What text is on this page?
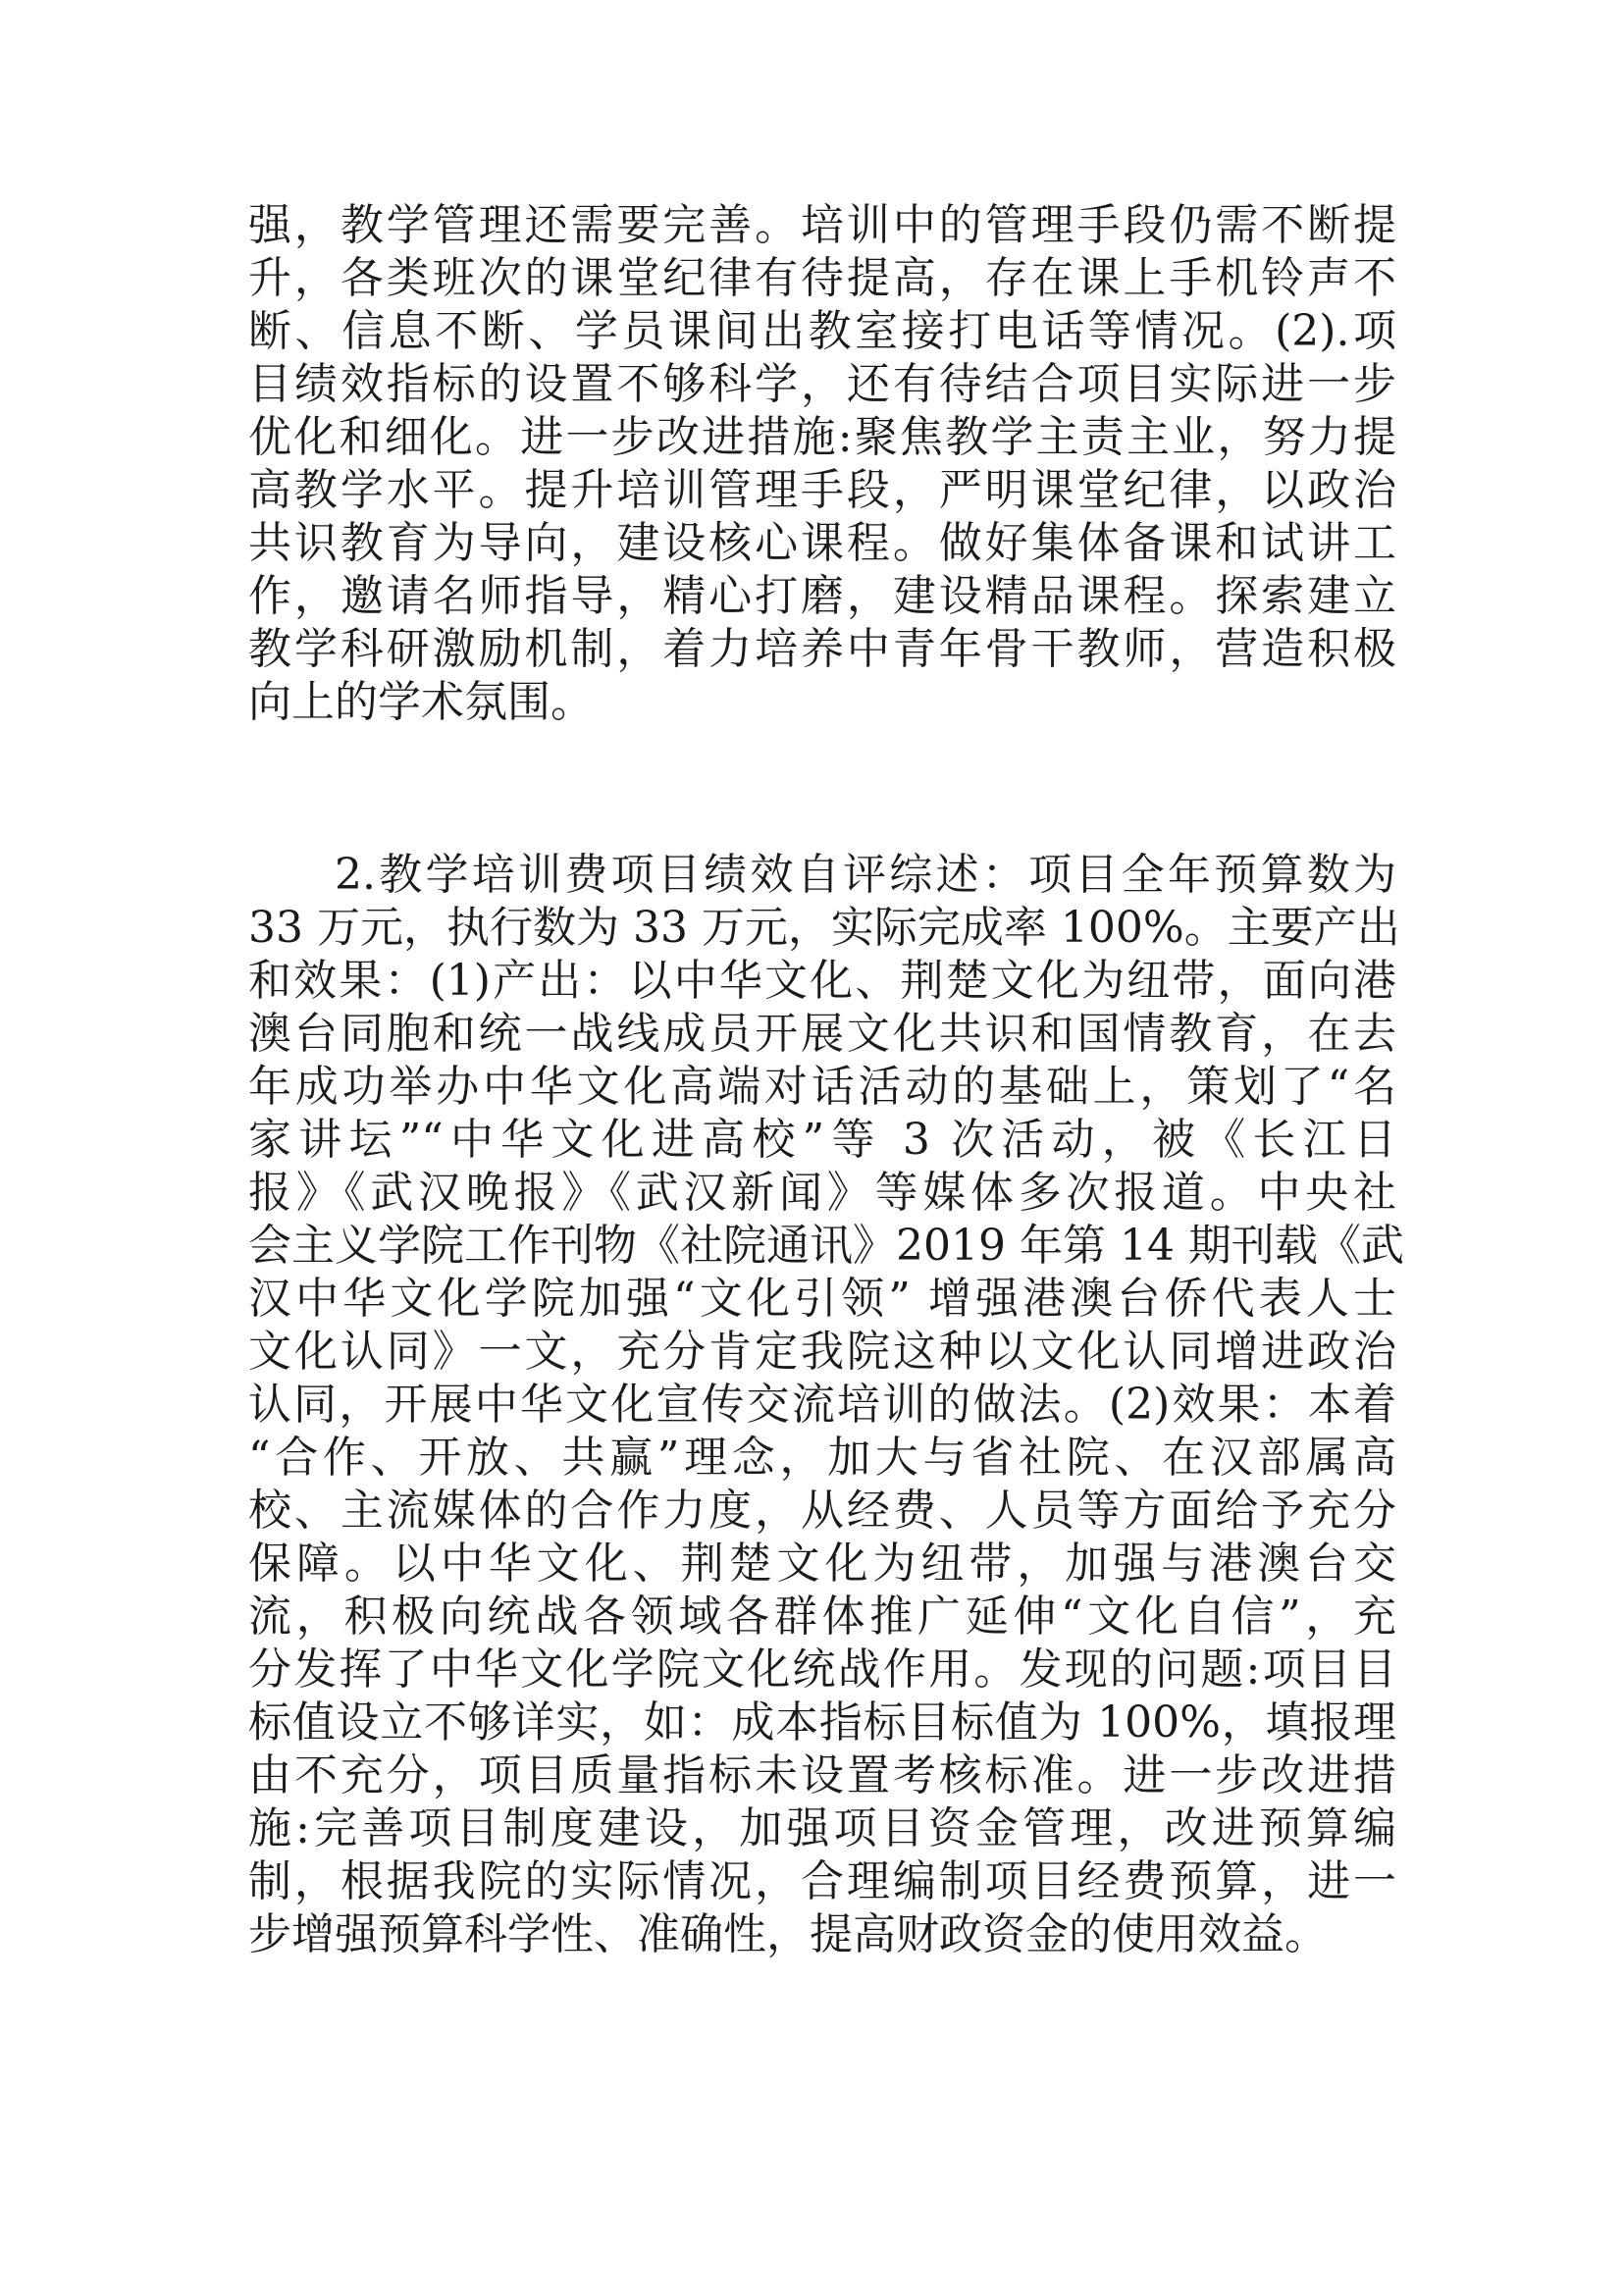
强，教学管理还需要完善。培训中的管理手段仍需不断提
升，各类班次的课堂纪律有待提高，存在课上手机铃声不
断、信息不断、学员课间出教室接打电话等情况。(2).项
目绩效指标的设置不够科学，还有待结合项目实际进一步
优化和细化。进一步改进措施:聚焦教学主责主业，努力提
高教学水平。提升培训管理手段，严明课堂纪律，以政治
共识教育为导向，建设核心课程。做好集体备课和试讲工
作，邀请名师指导，精心打磨，建设精品课程。探索建立
教学科研激励机制，着力培养中青年骨干教师，营造积极
向上的学术氛围。
2.教学培训费项目绩效自评综述：项目全年预算数为
33 万元，执行数为 33 万元，实际完成率 100%。主要产出
和效果：(1)产出：以中华文化、荆楚文化为纽带，面向港
澳台同胞和统一战线成员开展文化共识和国情教育，在去
年成功举办中华文化高端对话活动的基础上，策划了“名
家讲坛”“中华文化进高校”等 3 次活动，被《长江日
报》《武汉晚报》《武汉新闻》等媒体多次报道。中央社
会主义学院工作刊物《社院通讯》2019 年第 14 期刊载《武
汉中华文化学院加强“文化引领” 增强港澳台侨代表人士
文化认同》一文，充分肯定我院这种以文化认同增进政治
认同，开展中华文化宣传交流培训的做法。(2)效果：本着
“合作、开放、共赢”理念，加大与省社院、在汉部属高
校、主流媒体的合作力度，从经费、人员等方面给予充分
保障。以中华文化、荆楚文化为纽带，加强与港澳台交
流，积极向统战各领域各群体推广延伸“文化自信”，充
分发挥了中华文化学院文化统战作用。发现的问题:项目目
标值设立不够详实，如：成本指标目标值为 100%，填报理
由不充分，项目质量指标未设置考核标准。进一步改进措
施:完善项目制度建设，加强项目资金管理，改进预算编
制，根据我院的实际情况，合理编制项目经费预算，进一
步增强预算科学性、准确性，提高财政资金的使用效益。
